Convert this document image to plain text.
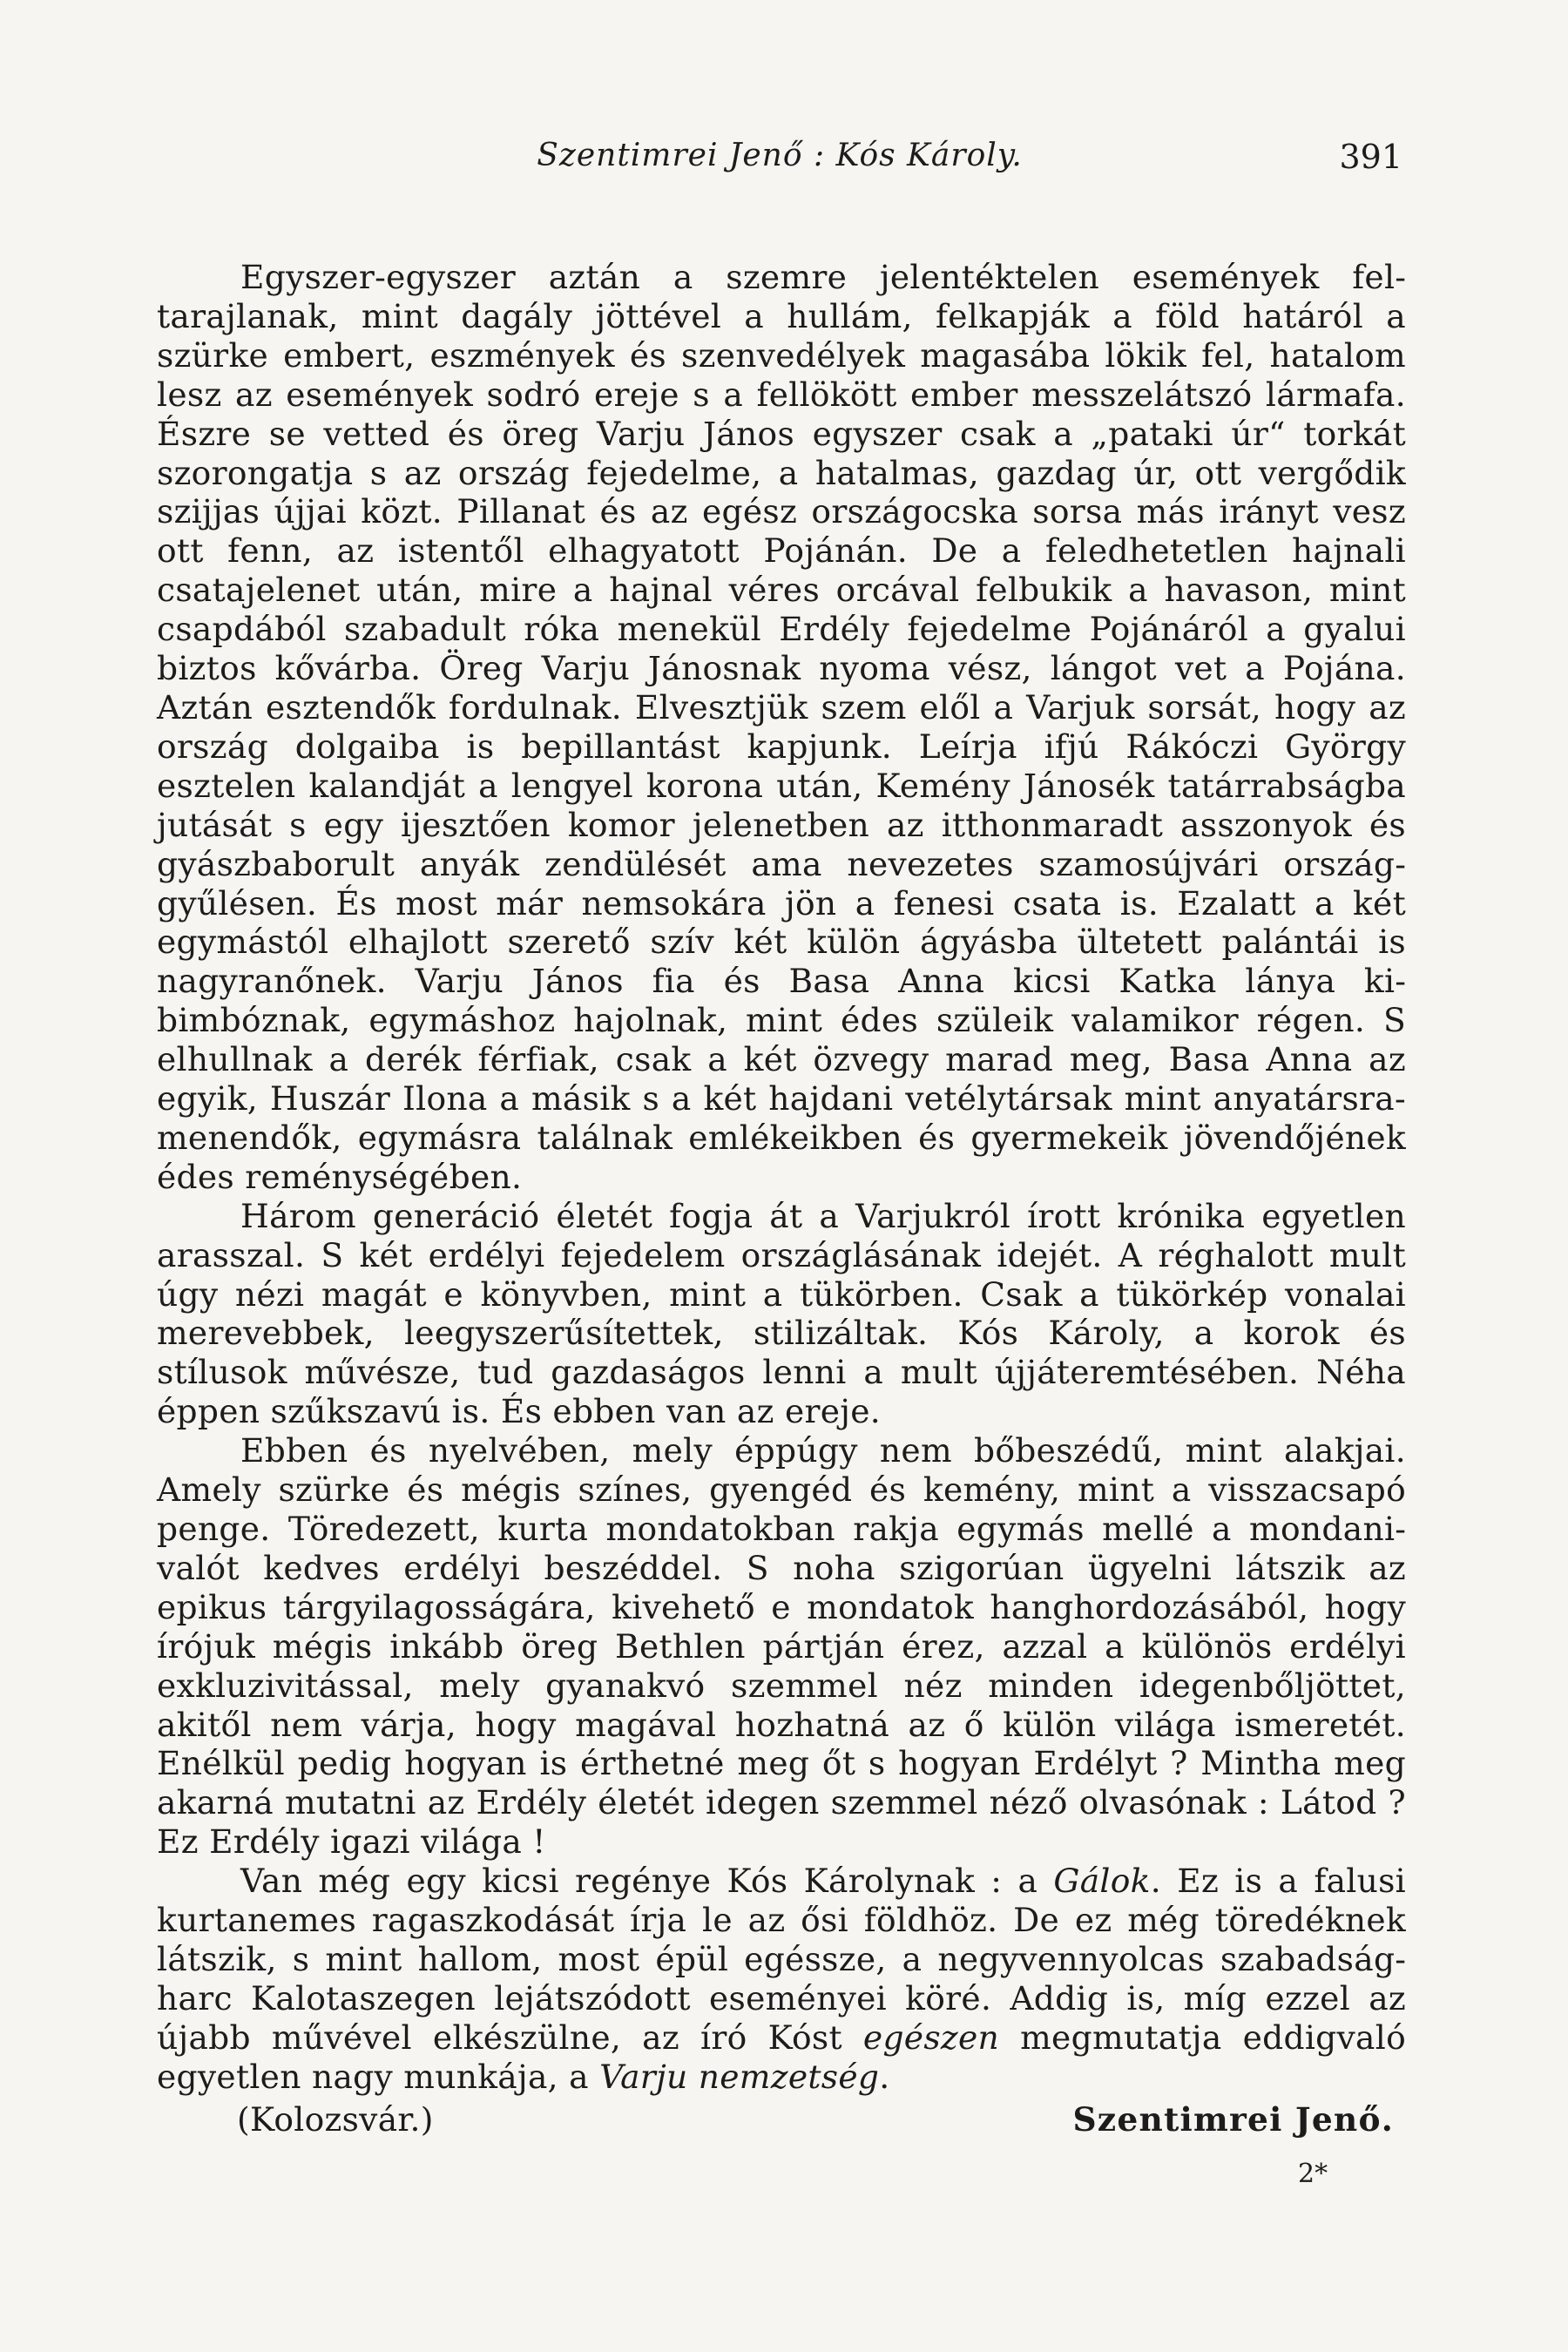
Szentimrei Jenő : Kós Károly.	391

Egyszer-egyszer aztán a szemre jelentéktelen események feltarajlanak, mint dagály jöttével a hullám, felkapják a föld határól a szürke embert, eszmények és szenvedélyek magasába lökik fel, hatalom lesz az események sodró ereje s a fellökött ember messzelátszó lármafa. Észre se vetted és öreg Varju János egyszer csak a „pataki úr“ torkát szorongatja s az ország fejedelme, a hatalmas, gazdag úr, ott vergődik szijjas újjai közt. Pillanat és az egész országocska sorsa más irányt vesz ott fenn, az istentől elhagyatott Pojánán. De a feledhetetlen hajnali csatajelenet után, mire a hajnal véres orcával felbukik a havason, mint csapdából szabadult róka menekül Erdély fejedelme Pojánáról a gyalui biztos kővárba. Öreg Varju Jánosnak nyoma vész, lángot vet a Pojána. Aztán esztendők fordulnak. Elvesztjük szem elől a Varjuk sorsát, hogy az ország dolgaiba is bepillantást kapjunk. Leírja ifjú Rákóczi György esztelen kalandját a lengyel korona után, Kemény Jánosék tatárrabságba jutását s egy ijesztően komor jelenetben az itthonmaradt asszonyok és gyászbaborult anyák zendülését ama nevezetes szamosújvári országgyűlésen. És most már nemsokára jön a fenesi csata is. Ezalatt a két egymástól elhajlott szerető szív két külön ágyásba ültetett palántái is nagyranőnek. Varju János fia és Basa Anna kicsi Katka lánya kibimbóznak, egymáshoz hajolnak, mint édes szüleik valamikor régen. S elhullnak a derék férfiak, csak a két özvegy marad meg, Basa Anna az egyik, Huszár Ilona a másik s a két hajdani vetélytársak mint anyatársra-menendők, egymásra találnak emlékeikben és gyermekeik jövendőjének édes reménységében.

Három generáció életét fogja át a Varjukról írott krónika egyetlen arasszal. S két erdélyi fejedelem országlásának idejét. A réghalott mult úgy nézi magát e könyvben, mint a tükörben. Csak a tükörkép vonalai merevebbek, leegyszerűsítettek, stilizáltak. Kós Károly, a korok és stílusok művésze, tud gazdaságos lenni a mult újjáteremtésében. Néha éppen szűkszavú is. És ebben van az ereje.

Ebben és nyelvében, mely éppúgy nem bőbeszédű, mint alakjai. Amely szürke és mégis színes, gyengéd és kemény, mint a visszacsapó penge. Töredezett, kurta mondatokban rakja egymás mellé a mondanivalót kedves erdélyi beszéddel. S noha szigorúan ügyelni látszik az epikus tárgyilagosságára, kivehető e mondatok hanghordozásából, hogy írójuk mégis inkább öreg Bethlen pártján érez, azzal a különös erdélyi exkluzivitással, mely gyanakvó szemmel néz minden idegenbőljöttet, akitől nem várja, hogy magával hozhatná az ő külön világa ismeretét. Enélkül pedig hogyan is érthetné meg őt s hogyan Erdélyt ? Mintha meg akarná mutatni az Erdély életét idegen szemmel néző olvasónak : Látod ? Ez Erdély igazi világa !

Van még egy kicsi regénye Kós Károlynak : a Gálok. Ez is a falusi kurtanemes ragaszkodását írja le az ősi földhöz. De ez még töredéknek látszik, s mint hallom, most épül egéssze, a negyvennyolcas szabadságharc Kalotaszegen lejátszódott eseményei köré. Addig is, míg ezzel az újabb művével elkészülne, az író Kóst egészen megmutatja eddigvaló egyetlen nagy munkája, a Varju nemzetség.

(Kolozsvár.)	Szentimrei Jenő.
2*
